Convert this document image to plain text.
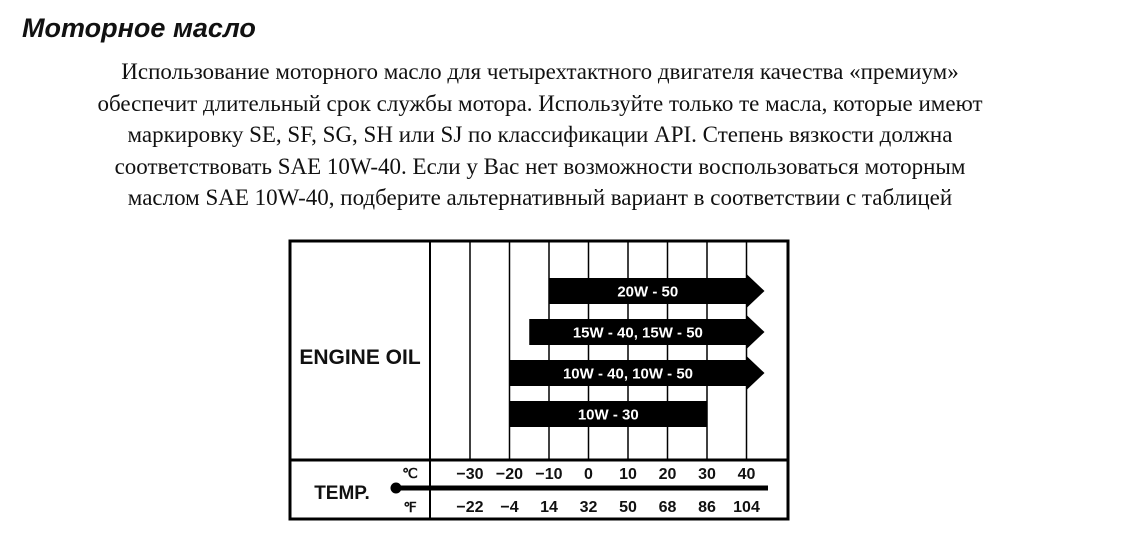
Моторное масло
Использование моторного масло для четырехтактного двигателя качества «премиум»
обеспечит длительный срок службы мотора. Используйте только те масла, которые имеют
маркировку SE, SF, SG, SH или SJ по классификации API. Степень вязкости должна
соответствовать SAE 10W-40. Если у Вас нет возможности воспользоваться моторным
маслом SAE 10W-40, подберите альтернативный вариант в соответствии с таблицей
20W - 50
15W - 40, 15W - 50
10W - 40, 10W - 50
10W - 30
−30 −20 −10 0 10 20 30 40
−22 −4 14 32 50 68 86 104
ENGINE OIL
TEMP.
℃
℉
